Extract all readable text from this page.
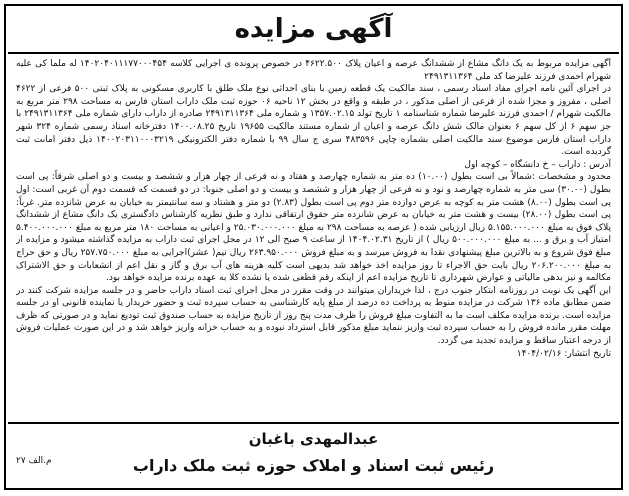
آگهی مزایده

آگهی مزایده مربوط به یک دانگ مشاع از ششدانگ عرصه و اعیان پلاک ۴۶۲۲.۵۰۰ در خصوص پرونده ی اجرایی کلاسه ۱۴۰۲۰۴۰۱۱۱۷۷۰۰۰۴۵۴ له ملما کی علیه شهرام احمدی فرزند علیرضا کد ملی ۲۴۹۱۳۱۱۳۶۴

در اجرای آئین نامه اجرای مفاد اسناد رسمی ، سند مالکیت یک قطعه زمین با بنای احداثی نوع ملک طلق با کاربری مسکونی به پلاک ثبتی ۵۰۰ فرعی از ۴۶۲۲ اصلی ، مفروز و مجزا شده از فرعی از اصلی مذکور ، در طبقه و واقع در بخش ۱۲ ناحیه ۰۶ حوزه ثبت ملک داراب استان فارس به مساحت ۲۹۸ متر مربع به مالکیت شهرام / احمدی فرزند علیرضا شماره شناسنامه ۱ تاریخ تولد ۱۳۵۷.۰۲.۱۵ و شماره ملی ۲۴۹۱۳۱۱۳۶۴ صادره از داراب دارای شماره ملی ۲۴۹۱۳۱۱۳۶۴ با جز سهم ۶ از کل سهم ۶ بعنوان مالک شش دانگ عرصه و اعیان از شماره مستند مالکیت ۱۹۶۵۵ تاریخ ۱۴۰۰.۰۸.۲۵ دفترخانه اسناد رسمی شماره ۳۲۴ شهر داراب استان فارس موضوع سند مالکیت اصلی بشماره چاپی ۴۸۳۵۹۶ سری ج سال ۹۹ با شماره دفتر الکترونیکی ۱۴۰۰۲۰۳۱۱۰۰۰۳۲۱۹ ذیل دفتر امانت ثبت گردیده است.

آدرس : داراب – خ دانشگاه – کوچه اول

محدود و مشخصات :شمالاً بی است بطول (۱۰.۰۰) ده متر به شماره چهارصد و هفتاد و نه فرعی از چهار هزار و ششصد و بیست و دو اصلی شرقاً: پی است بطول (۳۰.۰۰) سی متر به شماره چهارصد و نود و نه فرعی از چهار هزار و ششصد و بیست و دو اصلی جنوبا: در دو قسمت که قسمت دوم آن غربی است: اول پی است بطول (۸.۰۰) هشت متر به کوچه به عرض دوازده متر دوم پی است بطول (۲.۸۳) دو متر و هشتاد و سه سانتیمتر به خیابان به عرض شانزده متر. غرباً: پی است بطول (۲۸.۰۰) بیست و هشت متر به خیابان به عرض شانزده متر حقوق ارتفاقی ندارد و طبق نظریه کارشناس دادگستری یک دانگ مشاع از ششدانگ پلاک فوق به مبلغ ۵.۱۵۵.۰۰۰.۰۰۰ ریال ارزیابی شده ( عرصه به مساحت ۲۹۸ به مبلغ ۲۵.۰۳۰.۰۰۰.۰۰۰ و اعیانی به مساحت ۱۸۰ متر مربع به مبلغ ۵.۴۰۰.۰۰۰.۰۰۰ امتیاز آب و برق و ... به مبلغ ۵۰۰.۰۰۰.۰۰۰ ریال ) از تاریخ ۱۴۰۴.۰۲.۳۱ از ساعت ۹ صبح الی ۱۲ در محل اجرای ثبت داراب به مزایده گذاشته میشود و مزایده از مبلغ فوق شروع و به بالاترین مبلغ پیشنهادی نقدا به فروش میرسد و به مبلغ فروش ۲۶۳.۹۵۰.۰۰۰ ریال نیم( عشر)اجرایی به مبلغ ۲۵۷.۷۵۰.۰۰۰ ریال و حق حراج به مبلغ ۲۰۶.۲۰۰.۰۰۰ ریال بابت حق الاجراء تا روز مزایده اخذ خواهد شد بدیهی است کلیه هزینه های آب برق و گاز و نقل اعم از انشعابات و حق الاشتراک مکالمه و نیز بدهی مالیاتی و عوارض شهرداری تا تاریخ مزایده اعم از اینکه رقم قطعی شده یا نشده کلا به عهده برنده مزایده خواهد بود.

این آگهی یک نوبت در روزنامه ابتکار جنوب درج ، لذا خریداران میتوانند در وقت مقرر در محل اجرای ثبت اسناد داراب حاضر و در جلسه مزایده شرکت کنند در ضمن مطابق ماده ۱۳۶ شرکت در مزایده منوط به پرداخت ده درصد از مبلغ پایه کارشناسی به حساب سپرده ثبت و حضور خریدار یا نماینده قانونی او در جلسه مزایده است. برنده مزایده مکلف است ما به التفاوت مبلغ فروش را ظرف مدت پنج روز از تاریخ مزایده به حساب صندوق ثبت تودیع نماید و در صورتی که ظرف مهلت مقرر مانده فروش را به حساب سپرده ثبت واریز ننماید مبلغ مذکور قابل استرداد نبوده و به حساب خزانه واریز خواهد شد و در این صورت عملیات فروش از درجه اعتبار ساقط و مزایده تجدید می گردد.

تاریخ انتشار: ۱۴۰۴/۰۲/۱۶

عبدالمهدی باغبان
رئیس ثبت اسناد و املاک حوزه ثبت ملک داراب
م.الف ۲۷
